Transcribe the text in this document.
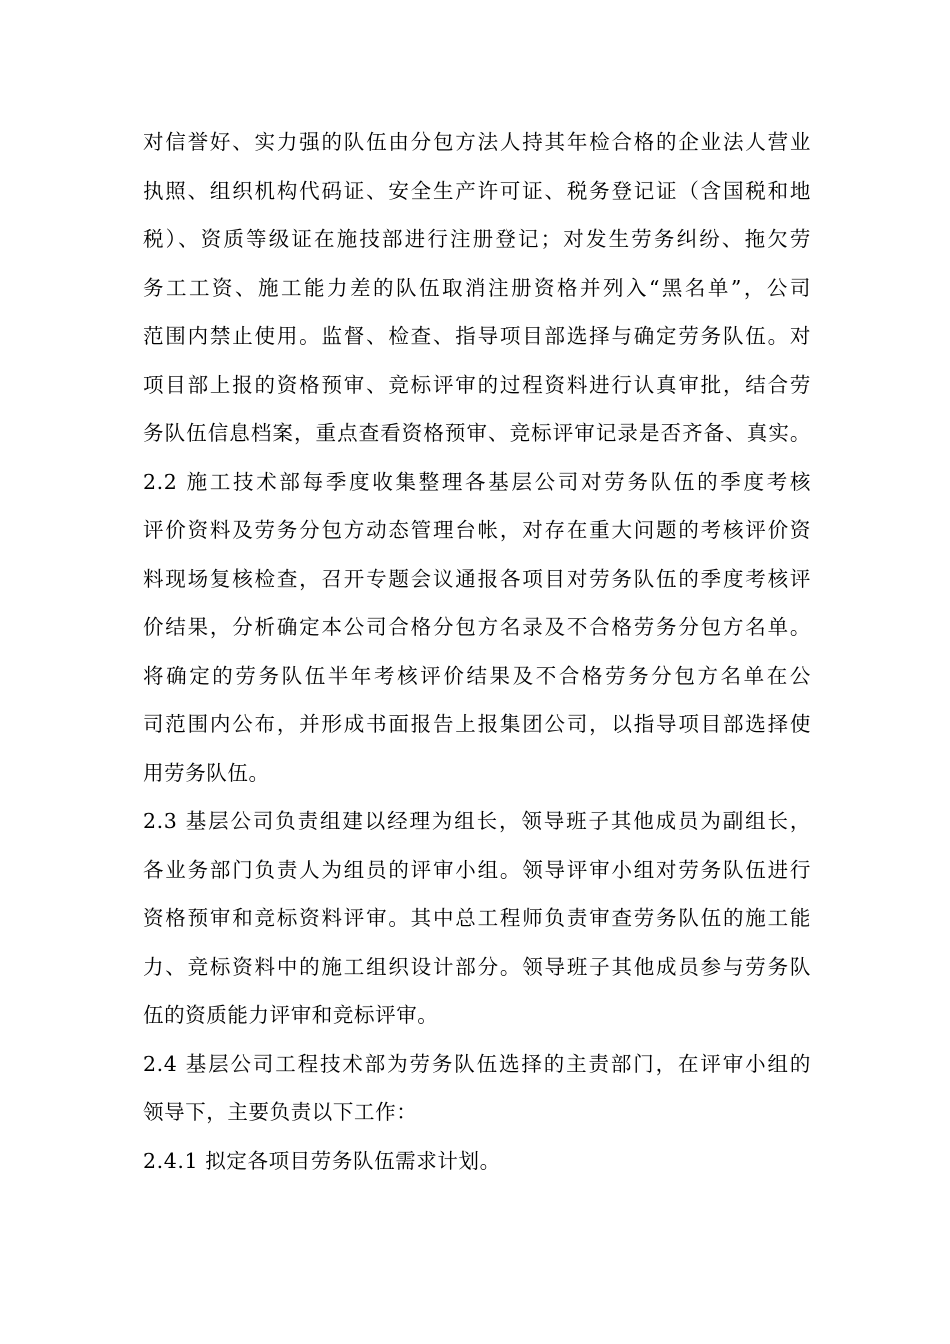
对信誉好、实力强的队伍由分包方法人持其年检合格的企业法人营业
执照、组织机构代码证、安全生产许可证、税务登记证（含国税和地
税）、资质等级证在施技部进行注册登记；对发生劳务纠纷、拖欠劳
务工工资、施工能力差的队伍取消注册资格并列入“黑名单”，公司
范围内禁止使用。监督、检查、指导项目部选择与确定劳务队伍。对
项目部上报的资格预审、竞标评审的过程资料进行认真审批，结合劳
务队伍信息档案，重点查看资格预审、竞标评审记录是否齐备、真实。
2.2 施工技术部每季度收集整理各基层公司对劳务队伍的季度考核
评价资料及劳务分包方动态管理台帐，对存在重大问题的考核评价资
料现场复核检查，召开专题会议通报各项目对劳务队伍的季度考核评
价结果，分析确定本公司合格分包方名录及不合格劳务分包方名单。
将确定的劳务队伍半年考核评价结果及不合格劳务分包方名单在公
司范围内公布，并形成书面报告上报集团公司，以指导项目部选择使
用劳务队伍。
2.3 基层公司负责组建以经理为组长，领导班子其他成员为副组长，
各业务部门负责人为组员的评审小组。领导评审小组对劳务队伍进行
资格预审和竞标资料评审。其中总工程师负责审查劳务队伍的施工能
力、竞标资料中的施工组织设计部分。领导班子其他成员参与劳务队
伍的资质能力评审和竞标评审。
2.4 基层公司工程技术部为劳务队伍选择的主责部门，在评审小组的
领导下，主要负责以下工作：
2.4.1 拟定各项目劳务队伍需求计划。
